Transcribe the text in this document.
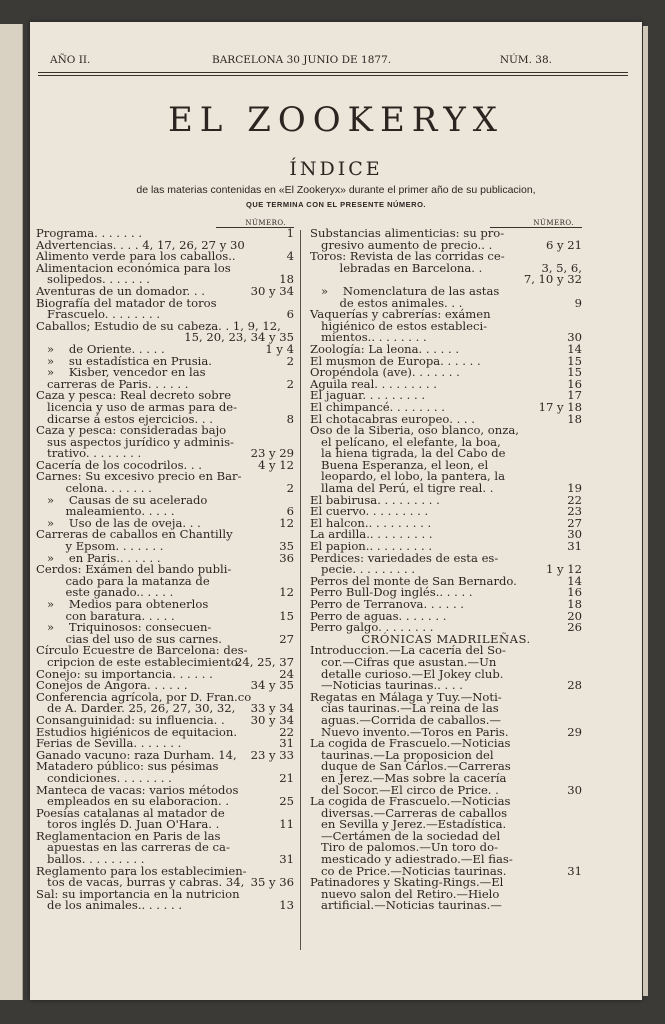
AÑO II.	BARCELONA 30 JUNIO DE 1877.	NÚM. 38.
EL ZOOKERYX
ÍNDICE
de las materias contenidas en «El Zookeryx» durante el primer año de su publicacion,
QUE TERMINA CON EL PRESENTE NÚMERO.
NÚMERO.
Programa. . . . . . .	1
Advertencias. . . . 4, 17, 26, 27 y 30
Alimento verde para los caballos..	4
Alimentacion económica para los
solipedos. . . . . . .	18
Aventuras de un domador. . .	30 y 34
Biografía del matador de toros
Frascuelo. . . . . . . .	6
Caballos; Estudio de su cabeza. . 1, 9, 12,

15, 20, 23, 34 y 35
»    de Oriente. . . . .	1 y 4
»    su estadística en Prusia.	2
»    Kisber, vencedor en las
carreras de Paris. . . . . .	2
Caza y pesca: Real decreto sobre
licencia y uso de armas para de-
dicarse á estos ejercicios. . .	8
Caza y pesca: consideradas bajo
sus aspectos jurídico y adminis-
trativo. . . . . . . .	23 y 29
Cacería de los cocodrilos. . .	4 y 12
Carnes: Su excesivo precio en Bar-
celona. . . . . . .	2
»    Causas de su acelerado
maleamiento. . . . .	6
»    Uso de las de oveja. . .	12
Carreras de caballos en Chantilly
y Epsom. . . . . . .	35
»    en Paris.. . . . . .	36
Cerdos: Exámen del bando publi-
cado para la matanza de
este ganado.. . . . .	12
»    Medios para obtenerlos
con baratura. . . . .	15
»    Triquinosos: consecuen-
cias del uso de sus carnes.	27
Círculo Ecuestre de Barcelona: des-
cripcion de este establecimiento.
24, 25, 37
Conejo: su importancia. . . . . .	24
Conejos de Angora. . . . . .	34 y 35
Conferencia agrícola, por D. Fran.co
de A. Darder. 25, 26, 27, 30, 32,	33 y 34
Consanguinidad: su influencia. .	30 y 34
Estudios higiénicos de equitacion.	22
Ferias de Sevilla. . . . . . .	31
Ganado vacuno: raza Durham. 14,	23 y 33
Matadero público: sus pésimas
condiciones. . . . . . . .	21
Manteca de vacas: varios métodos
empleados en su elaboracion. .	25
Poesías catalanas al matador de
toros inglés D. Juan O'Hara. .	11
Reglamentacion en Paris de las
apuestas en las carreras de ca-
ballos. . . . . . . . .	31
Reglamento para los establecimien-
tos de vacas, burras y cabras. 34, 35 y 36
Sal: su importancia en la nutricion
de los animales.. . . . . .	13
NÚMERO.
Substancias alimenticias: su pro-
gresivo aumento de precio.. .	6 y 21
Toros: Revista de las corridas ce-
lebradas en Barcelona. .	3, 5, 6,

7, 10 y 32
»    Nomenclatura de las astas
de estos animales. . .	9
Vaquerías y cabrerías: exámen
higiénico de estos estableci-
mientos.. . . . . . . .	30
Zoología: La leona. . . . . .	14
El musmon de Europa. . . . . .	15
Oropéndola (ave). . . . . . .	15
Aguila real. . . . . . . . .	16
El jaguar. . . . . . . . .	17
El chimpancé. . . . . . . .	17 y 18
El chotacabras europeo. . . .	18
Oso de la Siberia, oso blanco, onza,
el pelícano, el elefante, la boa,
la hiena tigrada, la del Cabo de
Buena Esperanza, el leon, el
leopardo, el lobo, la pantera, la
llama del Perú, el tigre real. .	19
El babirusa. . . . . . . . .	22
El cuervo. . . . . . . . .	23
El halcon.. . . . . . . . .	27
La ardilla.. . . . . . . . .	30
El papion.. . . . . . . . .	31
Perdices: variedades de esta es-
pecie. . . . . . . . .	1 y 12
Perros del monte de San Bernardo.	14
Perro Bull-Dog inglés.. . . . .	16
Perro de Terranova. . . . . .	18
Perro de aguas. . . . . . .	20
Perro galgo. . . . . . . .	26
CRÓNICAS MADRILEÑAS.
Introduccion.—La cacería del So-
cor.—Cifras que asustan.—Un
detalle curioso.—El Jokey club.
—Noticias taurinas.. . . .	28
Regatas en Málaga y Tuy.—Noti-
cias taurinas.—La reina de las
aguas.—Corrida de caballos.—
Nuevo invento.—Toros en Paris.	29
La cogida de Frascuelo.—Noticias
taurinas.—La proposicion del
duque de San Cárlos.—Carreras
en Jerez.—Mas sobre la cacería
del Socor.—El circo de Price. .	30
La cogida de Frascuelo.—Noticias
diversas.—Carreras de caballos
en Sevilla y Jerez.—Estadística.
—Certámen de la sociedad del
Tiro de palomos.—Un toro do-
mesticado y adiestrado.—El fias-
co de Price.—Noticias taurinas.	31
Patinadores y Skating-Rings.—El
nuevo salon del Retiro.—Hielo
artificial.—Noticias taurinas.—
